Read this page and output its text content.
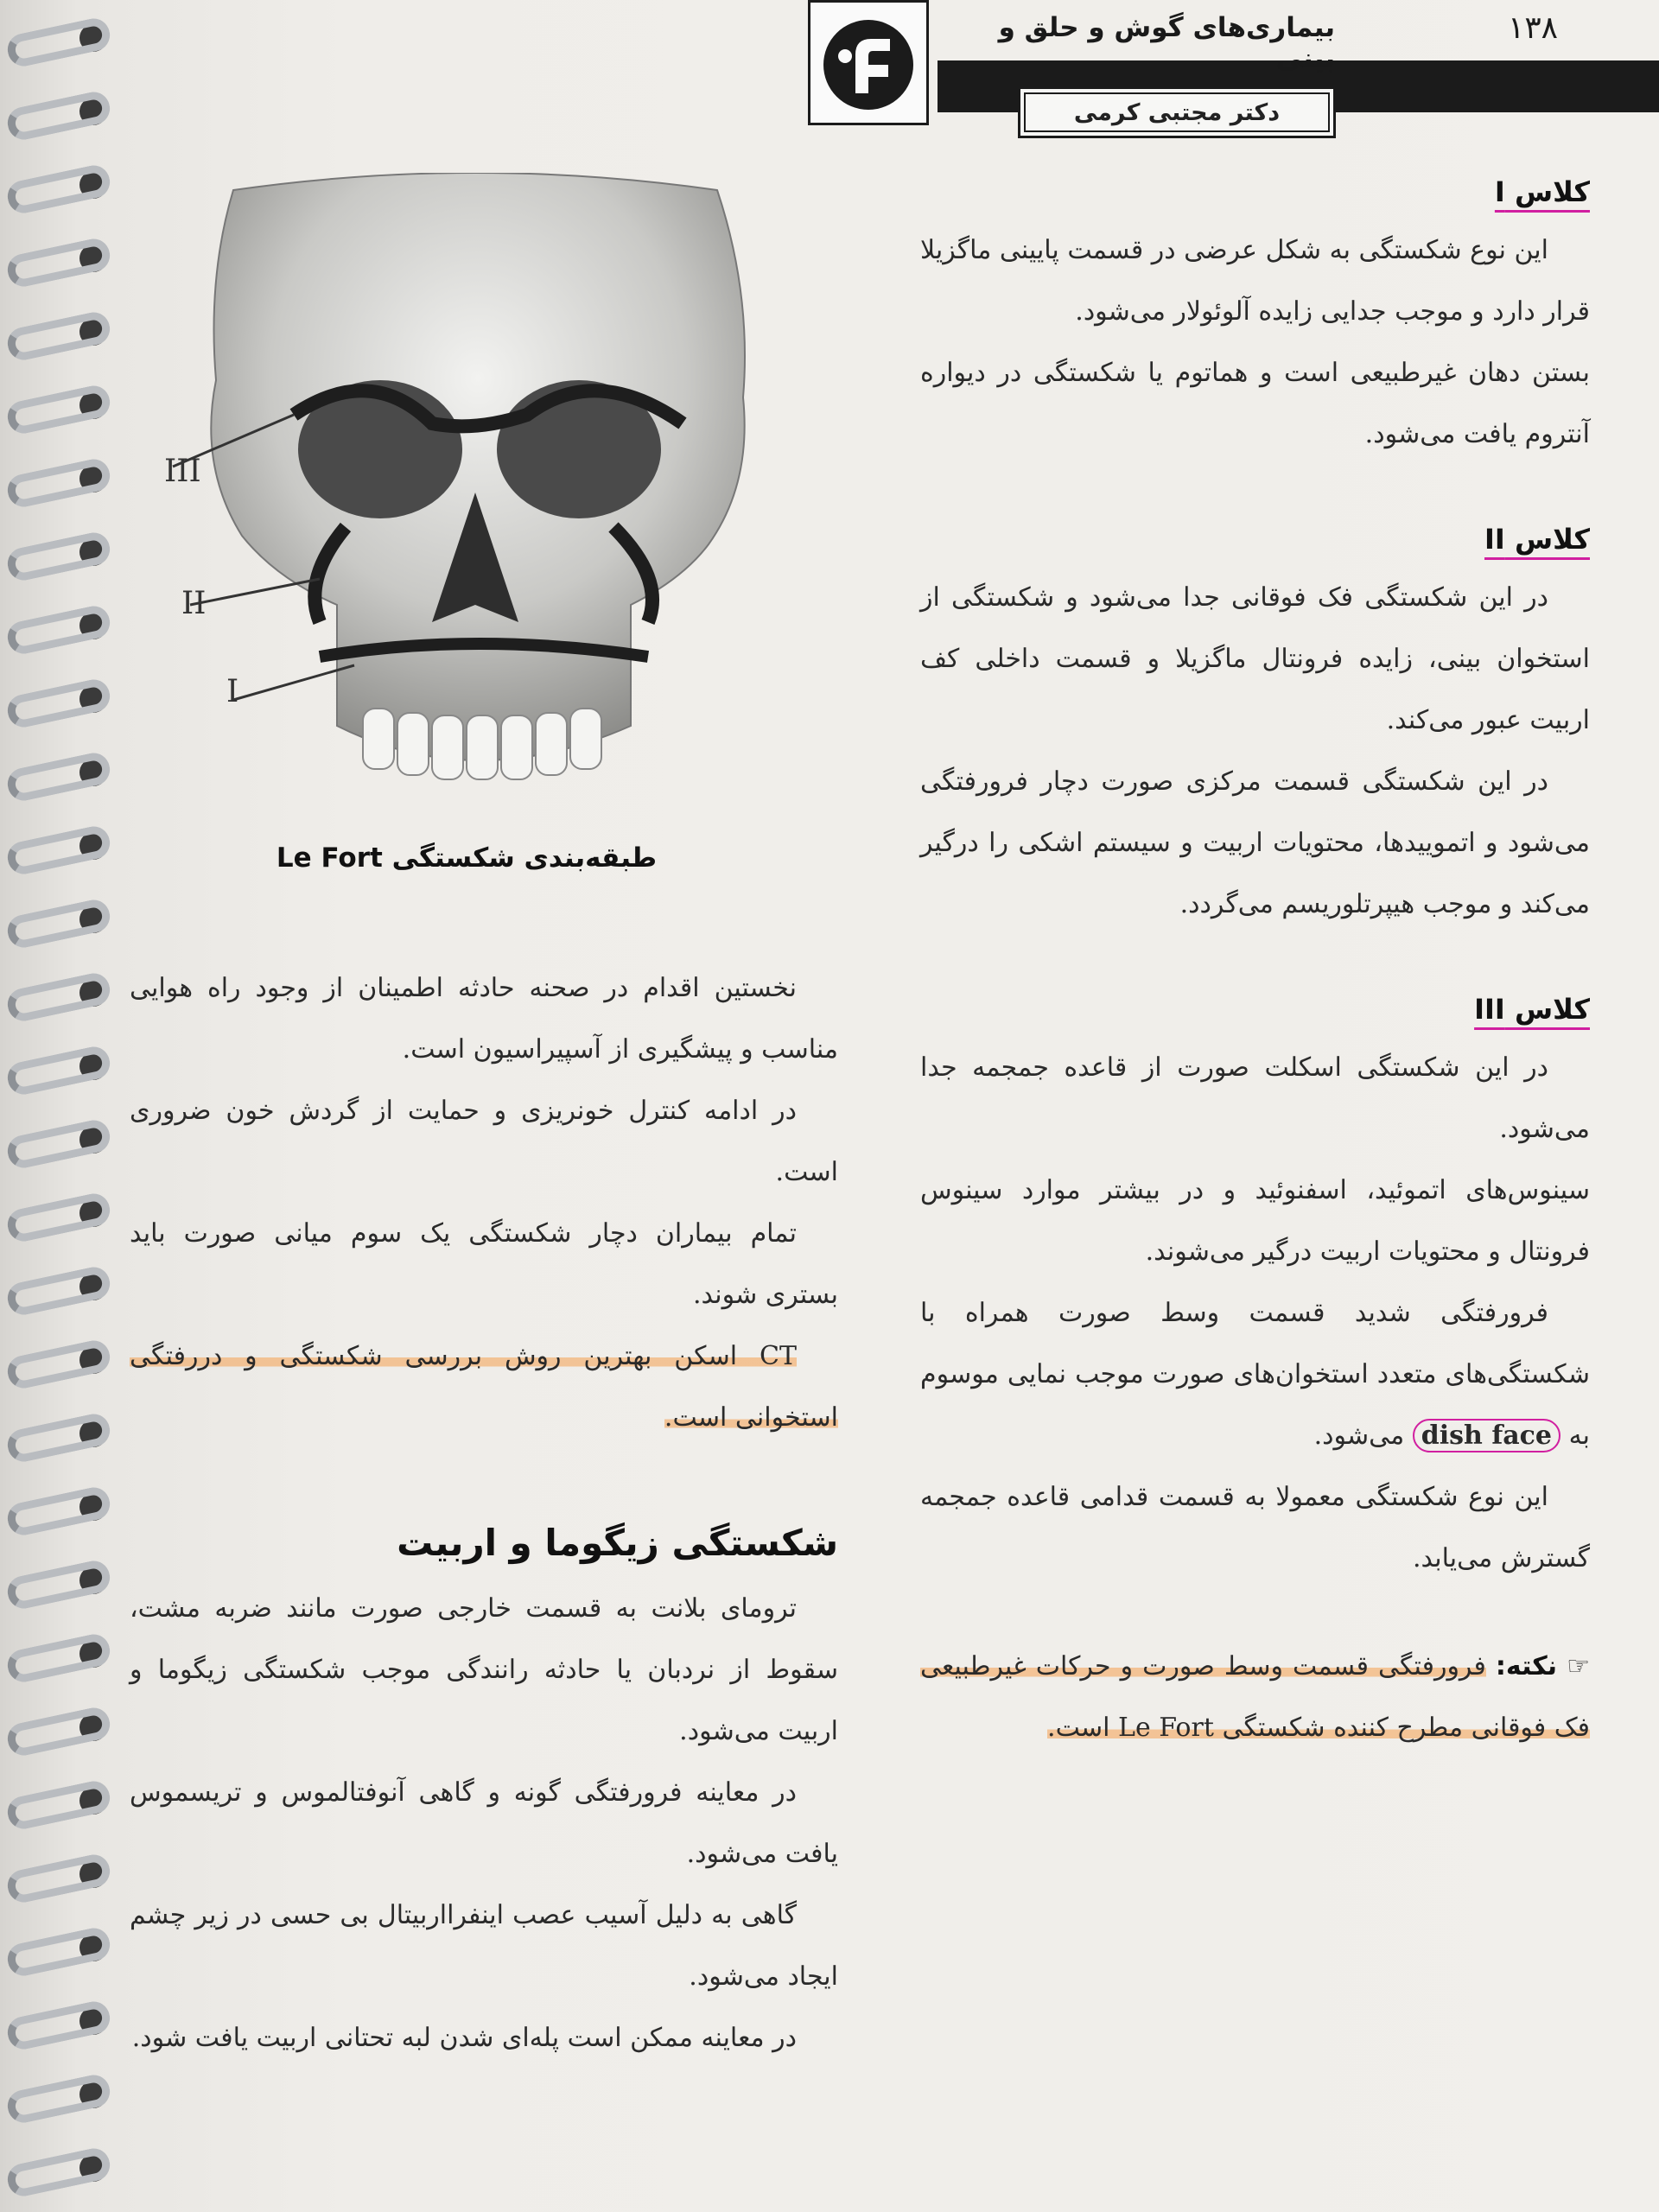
۱۳۸
بیماری‌های گوش و حلق و بینی
دکتر مجتبی کرمی
III
II
I
طبقه‌بندی شکستگی Le Fort
کلاس I

این نوع شکستگی به شکل عرضی در قسمت پایینی ماگزیلا قرار دارد و موجب جدایی زایده آلوئولار می‌شود.

بستن دهان غیرطبیعی است و هماتوم یا شکستگی در دیواره آنتروم یافت می‌شود.

کلاس II

در این شکستگی فک فوقانی جدا می‌شود و شکستگی از استخوان بینی، زایده فرونتال ماگزیلا و قسمت داخلی کف اربیت عبور می‌کند.

در این شکستگی قسمت مرکزی صورت دچار فرورفتگی می‌شود و اتموییدها، محتویات اربیت و سیستم اشکی را درگیر می‌کند و موجب هیپرتلوریسم می‌گردد.

کلاس III

در این شکستگی اسکلت صورت از قاعده جمجمه جدا می‌شود.

سینوس‌های اتموئید، اسفنوئید و در بیشتر موارد سینوس فرونتال و محتویات اربیت درگیر می‌شوند.

فرورفتگی شدید قسمت وسط صورت همراه با شکستگی‌های متعدد استخوان‌های صورت موجب نمایی موسوم به dish face می‌شود.

این نوع شکستگی معمولا به قسمت قدامی قاعده جمجمه گسترش می‌یابد.

☞ نکته: فرورفتگی قسمت وسط صورت و حرکات غیرطبیعی فک فوقانی مطرح کننده شکستگی Le Fort است.

نخستین اقدام در صحنه حادثه اطمینان از وجود راه هوایی مناسب و پیشگیری از آسپیراسیون است.

در ادامه کنترل خونریزی و حمایت از گردش خون ضروری است.

تمام بیماران دچار شکستگی یک سوم میانی صورت باید بستری شوند.

CT اسکن بهترین روش بررسی شکستگی و دررفتگی استخوانی است.

شکستگی زیگوما و اربیت

ترومای بلانت به قسمت خارجی صورت مانند ضربه مشت، سقوط از نردبان یا حادثه رانندگی موجب شکستگی زیگوما و اربیت می‌شود.

در معاینه فرورفتگی گونه و گاهی آنوفتالموس و تریسموس یافت می‌شود.

گاهی به دلیل آسیب عصب اینفرااربیتال بی حسی در زیر چشم ایجاد می‌شود.

در معاینه ممکن است پله‌ای شدن لبه تحتانی اربیت یافت شود.
